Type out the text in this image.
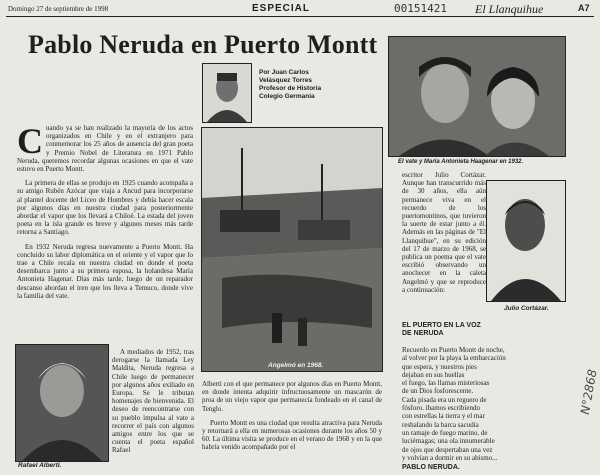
Domingo 27 de septiembre de 1998	ESPECIAL	00151421 El Llanquihue	A7
Pablo Neruda en Puerto Montt
Por Juan Carlos
Velásquez Torres
Profesor de Historia
Colegio Germania

C uando ya se han realizado la mayoría de los actos organizados en Chile y en el extranjero para conmemorar los 25 años de ausencia del gran poeta y Premio Nobel de Literatura en 1971 Pablo Neruda, queremos recordar algunas ocasiones en que el vate estuvo en Puerto Montt.

La primera de ellas se produjo en 1925 cuando acompaña a su amigo Rubén Azócar que viaja a Ancud para incorporarse al plantel docente del Liceo de Hombres y debía hacer escala por algunos días en nuestra ciudad para posteriormente abordar el vapor que los llevará a Chiloé. La estada del joven poeta en la isla grande es breve y algunos meses más tarde retorna a Santiago.

En 1932 Neruda regresa nuevamente a Puerto Montt. Ha concluido su labor diplomática en el oriente y el vapor que lo trae a Chile recala en nuestra ciudad en donde el poeta desembarca junto a su primera esposa, la holandesa María Antonieta Hagenar. Días más tarde, luego de un reparador descanso abordan el tren que los lleva a Temuco, donde vive la familia del vate.

Rafael Alberti.

A mediados de 1952, tras derogarse la llamada Ley Maldita, Neruda regresa a Chile luego de permanecer por algunos años exiliado en Europa. Se le tributan homenajes de bienvenida. El deseo de reencontrarse con su pueblo impulsa al vate a recorrer el país con algunos amigos entre los que se cuenta el poeta español Rafael

Angelmó en 1968.

Alberti con el que permanece por algunos días en Puerto Montt, en donde intenta adquirir infructuosamente un mascarón de proa de un viejo vapor que permanecía fondeado en el canal de Tenglo.

Puerto Montt es una ciudad que resulta atractiva para Neruda y retornará a ella en numerosas ocasiones durante los años 50 y 60. La última visita se produce en el verano de 1968 y en la que habría venido acompañado por el

El vate y María Antonieta Haagenar en 1932.

escritor Julio Cortázar. Aunque han transcurrido más de 30 años, ella aún permanece viva en el recuerdo de los puertomontinos, que tuvieron la suerte de estar junto a él. Además en las páginas de "El Llanquihue", en su edición del 17 de marzo de 1968, se publica un poema que el vate escribió observando un anochecer en la caleta Angelmó y que se reproduce a continuación:

Julio Cortázar.
EL PUERTO EN LA VOZ DE NERUDA
Recuerdo en Puerto Montt de noche,
al volver por la playa la embarcación
que espera, y nuestros pies
dejaban en sus huellas
el fuego, las llamas misteriosas
de un Dios fosforescente.
Cada pisada era un reguero de
fósforo. íbamos escribiendo
con estrellas la tierra y el mar
resbalando la barca sacudía
un ramaje de fuego marino, de
luciérnagas; una ola innumerable
de ojos que despertaban una vez
y volvían a dormir en su abismo...
PABLO NERUDA.
N°2868
